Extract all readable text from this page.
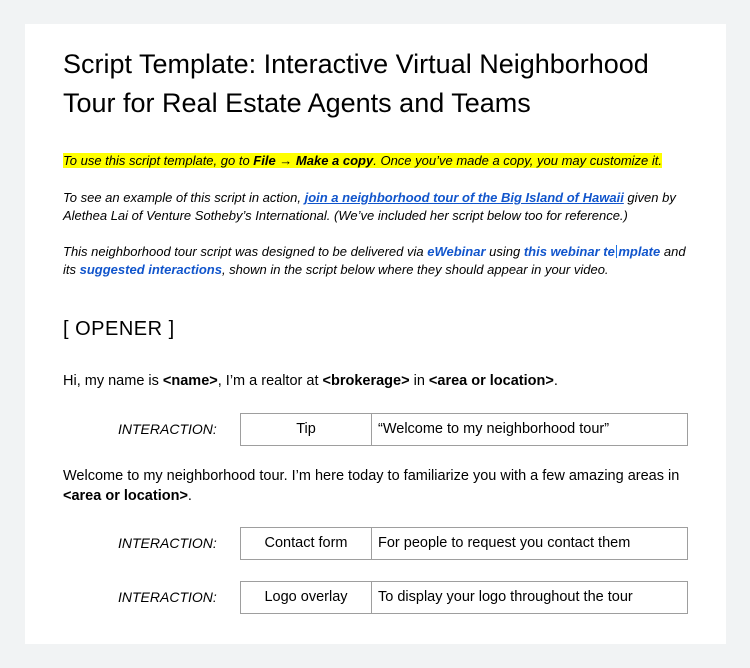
Script Template: Interactive Virtual Neighborhood Tour for Real Estate Agents and Teams

To use this script template, go to File → Make a copy. Once you’ve made a copy, you may customize it.

To see an example of this script in action, join a neighborhood tour of the Big Island of Hawaii given by Alethea Lai of Venture Sotheby’s International. (We’ve included her script below too for reference.)

This neighborhood tour script was designed to be delivered via eWebinar using this webinar te mplate and its suggested interactions, shown in the script below where they should appear in your video.

[ OPENER ]

Hi, my name is <name>, I’m a realtor at <brokerage> in <area or location>.

INTERACTION:	Tip	“Welcome to my neighborhood tour”

Welcome to my neighborhood tour. I’m here today to familiarize you with a few amazing areas in <area or location>.

INTERACTION:	Contact form	For people to request you contact them
INTERACTION:	Logo overlay	To display your logo throughout the tour
